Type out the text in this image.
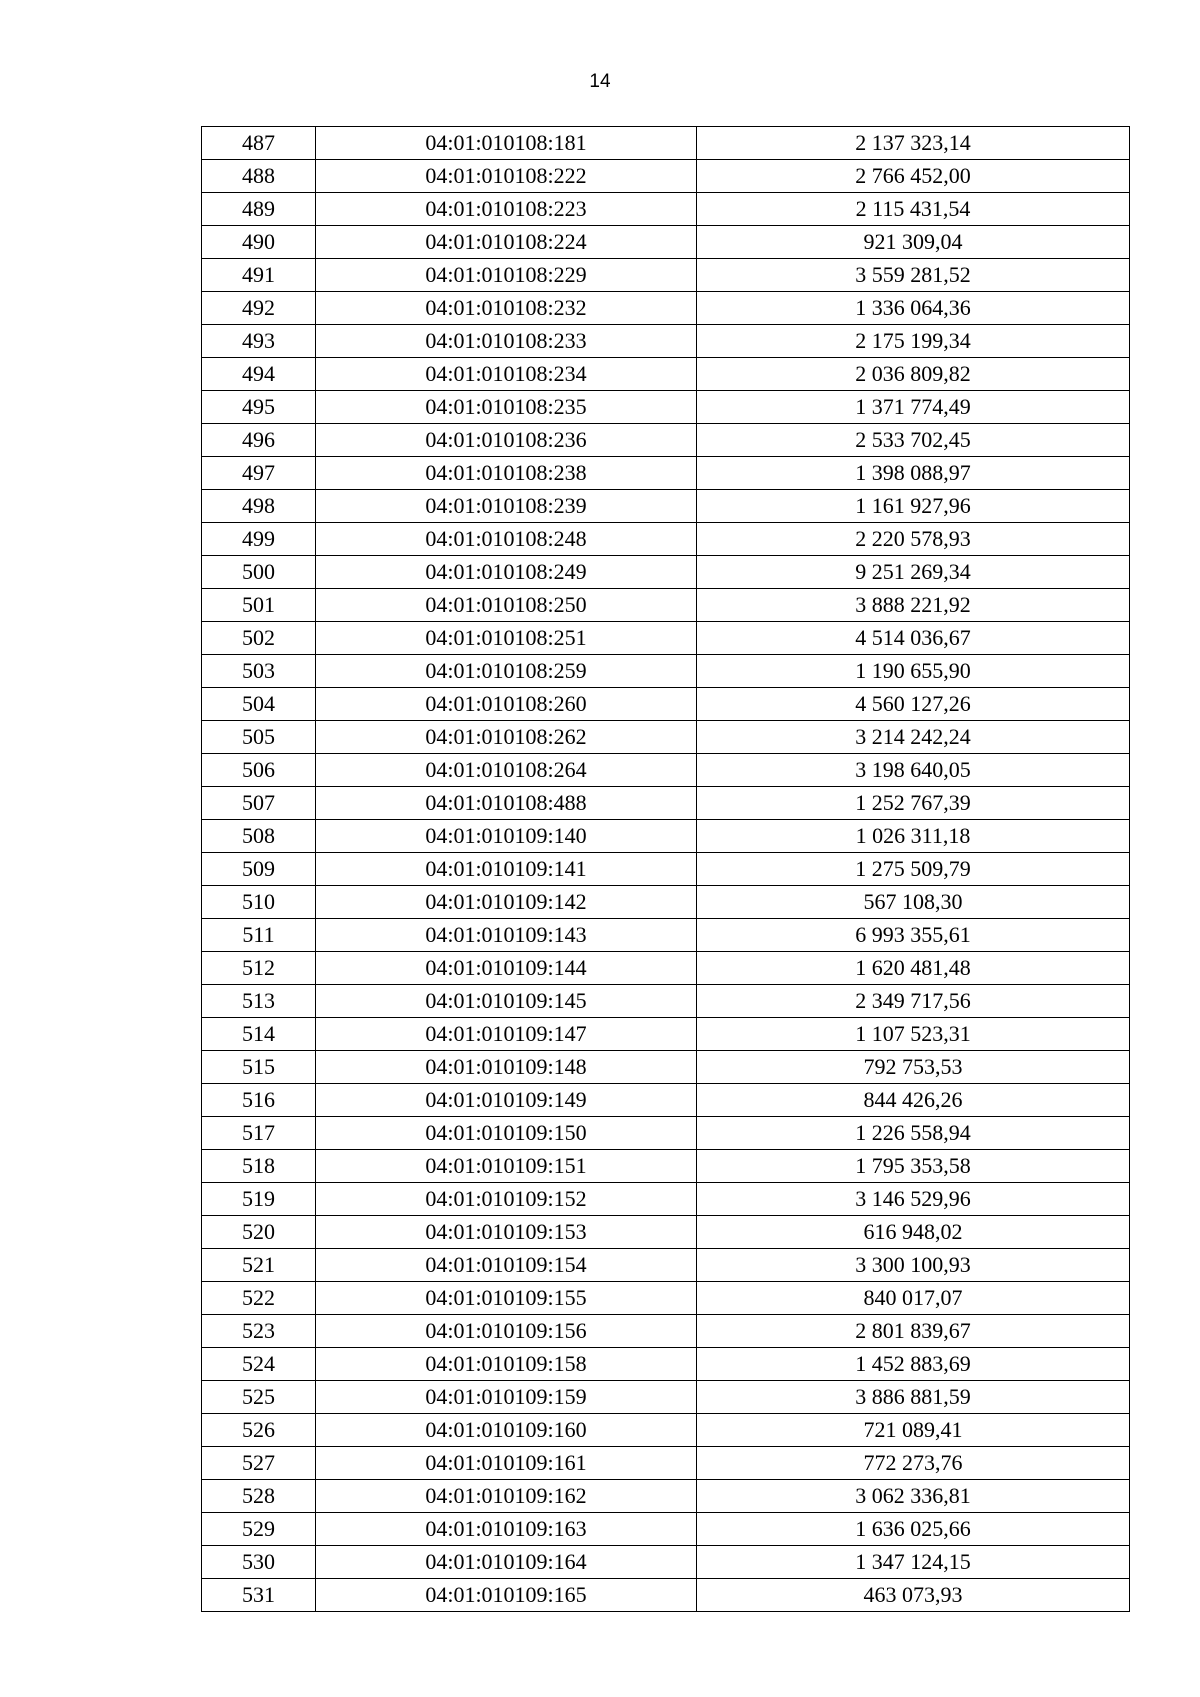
14
487	04:01:010108:181	2 137 323,14
488	04:01:010108:222	2 766 452,00
489	04:01:010108:223	2 115 431,54
490	04:01:010108:224	921 309,04
491	04:01:010108:229	3 559 281,52
492	04:01:010108:232	1 336 064,36
493	04:01:010108:233	2 175 199,34
494	04:01:010108:234	2 036 809,82
495	04:01:010108:235	1 371 774,49
496	04:01:010108:236	2 533 702,45
497	04:01:010108:238	1 398 088,97
498	04:01:010108:239	1 161 927,96
499	04:01:010108:248	2 220 578,93
500	04:01:010108:249	9 251 269,34
501	04:01:010108:250	3 888 221,92
502	04:01:010108:251	4 514 036,67
503	04:01:010108:259	1 190 655,90
504	04:01:010108:260	4 560 127,26
505	04:01:010108:262	3 214 242,24
506	04:01:010108:264	3 198 640,05
507	04:01:010108:488	1 252 767,39
508	04:01:010109:140	1 026 311,18
509	04:01:010109:141	1 275 509,79
510	04:01:010109:142	567 108,30
511	04:01:010109:143	6 993 355,61
512	04:01:010109:144	1 620 481,48
513	04:01:010109:145	2 349 717,56
514	04:01:010109:147	1 107 523,31
515	04:01:010109:148	792 753,53
516	04:01:010109:149	844 426,26
517	04:01:010109:150	1 226 558,94
518	04:01:010109:151	1 795 353,58
519	04:01:010109:152	3 146 529,96
520	04:01:010109:153	616 948,02
521	04:01:010109:154	3 300 100,93
522	04:01:010109:155	840 017,07
523	04:01:010109:156	2 801 839,67
524	04:01:010109:158	1 452 883,69
525	04:01:010109:159	3 886 881,59
526	04:01:010109:160	721 089,41
527	04:01:010109:161	772 273,76
528	04:01:010109:162	3 062 336,81
529	04:01:010109:163	1 636 025,66
530	04:01:010109:164	1 347 124,15
531	04:01:010109:165	463 073,93
